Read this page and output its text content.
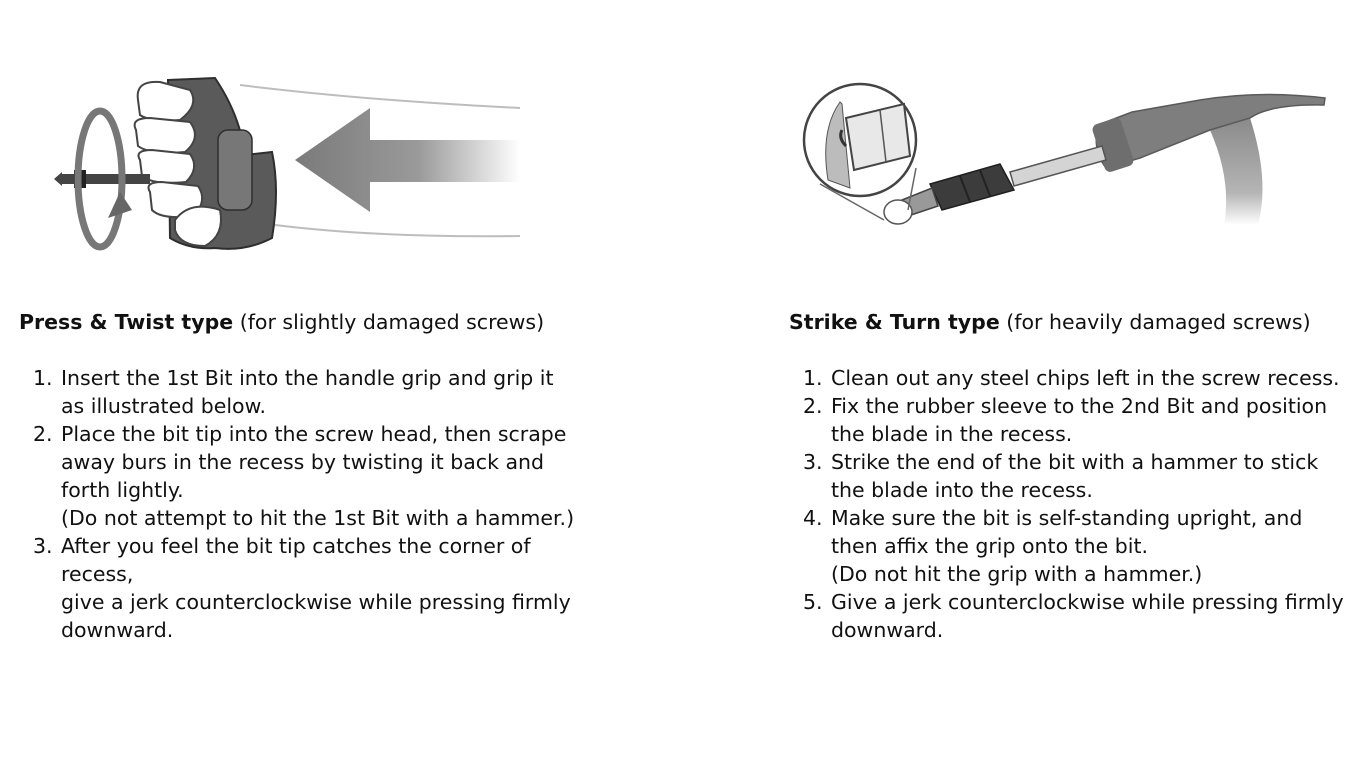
Press & Twist type (for slightly damaged screws)

1. Insert the 1st Bit into the handle grip and grip it
as illustrated below.
2. Place the bit tip into the screw head, then scrape
away burs in the recess by twisting it back and
forth lightly.
(Do not attempt to hit the 1st Bit with a hammer.)
3. After you feel the bit tip catches the corner of
recess,
give a jerk counterclockwise while pressing firmly
downward.

Strike & Turn type (for heavily damaged screws)

1. Clean out any steel chips left in the screw recess.
2. Fix the rubber sleeve to the 2nd Bit and position
the blade in the recess.
3. Strike the end of the bit with a hammer to stick
the blade into the recess.
4. Make sure the bit is self-standing upright, and
then affix the grip onto the bit.
(Do not hit the grip with a hammer.)
5. Give a jerk counterclockwise while pressing firmly
downward.
